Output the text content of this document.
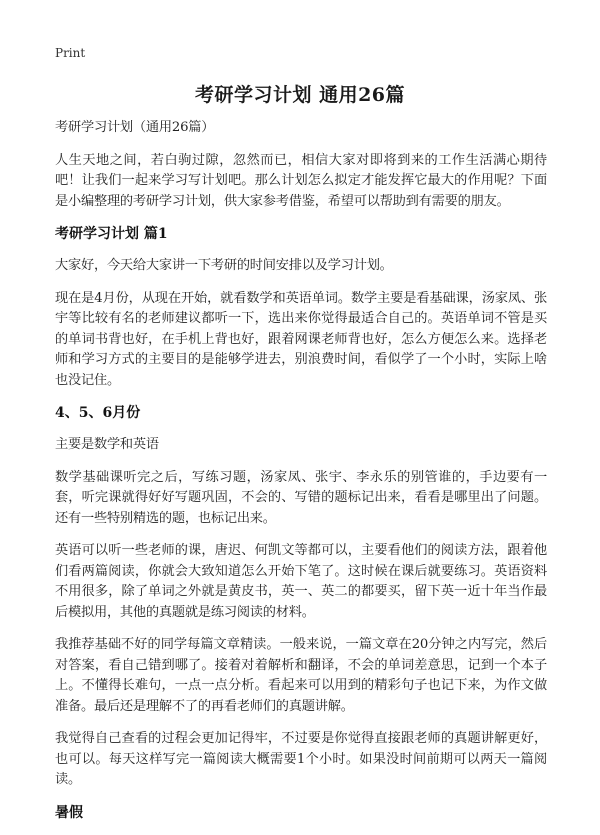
Print
考研学习计划 通用26篇

考研学习计划（通用26篇）

人生天地之间，若白驹过隙，忽然而已，相信大家对即将到来的工作生活满心期待吧！让我们一起来学习写计划吧。那么计划怎么拟定才能发挥它最大的作用呢？下面是小编整理的考研学习计划，供大家参考借鉴，希望可以帮助到有需要的朋友。

考研学习计划 篇1

大家好，今天给大家讲一下考研的时间安排以及学习计划。

现在是4月份，从现在开始，就看数学和英语单词。数学主要是看基础课，汤家凤、张宇等比较有名的老师建议都听一下，选出来你觉得最适合自己的。英语单词不管是买的单词书背也好，在手机上背也好，跟着网课老师背也好，怎么方便怎么来。选择老师和学习方式的主要目的是能够学进去，别浪费时间，看似学了一个小时，实际上啥也没记住。

4、5、6月份

主要是数学和英语

数学基础课听完之后，写练习题，汤家凤、张宇、李永乐的别管谁的，手边要有一套，听完课就得好好写题巩固，不会的、写错的题标记出来，看看是哪里出了问题。还有一些特别精选的题，也标记出来。

英语可以听一些老师的课，唐迟、何凯文等都可以，主要看他们的阅读方法，跟着他们看两篇阅读，你就会大致知道怎么开始下笔了。这时候在课后就要练习。英语资料不用很多，除了单词之外就是黄皮书，英一、英二的都要买，留下英一近十年当作最后模拟用，其他的真题就是练习阅读的材料。

我推荐基础不好的同学每篇文章精读。一般来说，一篇文章在20分钟之内写完，然后对答案，看自己错到哪了。接着对着解析和翻译，不会的单词差意思，记到一个本子上。不懂得长难句，一点一点分析。看起来可以用到的精彩句子也记下来，为作文做准备。最后还是理解不了的再看老师们的真题讲解。

我觉得自己查看的过程会更加记得牢，不过要是你觉得直接跟老师的真题讲解更好，也可以。每天这样写完一篇阅读大概需要1个小时。如果没时间前期可以两天一篇阅读。

暑假
